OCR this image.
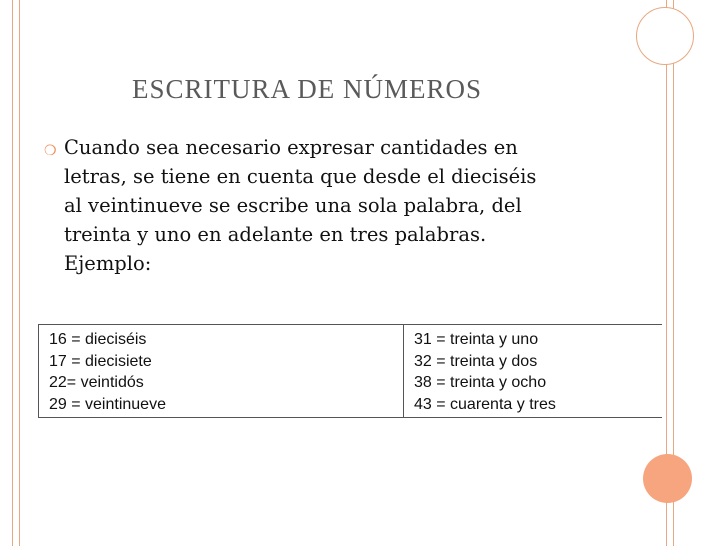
ESCRITURA DE NÚMEROS
❍ Cuando sea necesario expresar cantidades en
letras, se tiene en cuenta que desde el dieciséis
al veintinueve se escribe una sola palabra, del
treinta y uno en adelante en tres palabras.
Ejemplo:

16 = dieciséis
17 = diecisiete
22= veintidós
29 = veintinueve
31 = treinta y uno
32 = treinta y dos
38 = treinta y ocho
43 = cuarenta y tres
